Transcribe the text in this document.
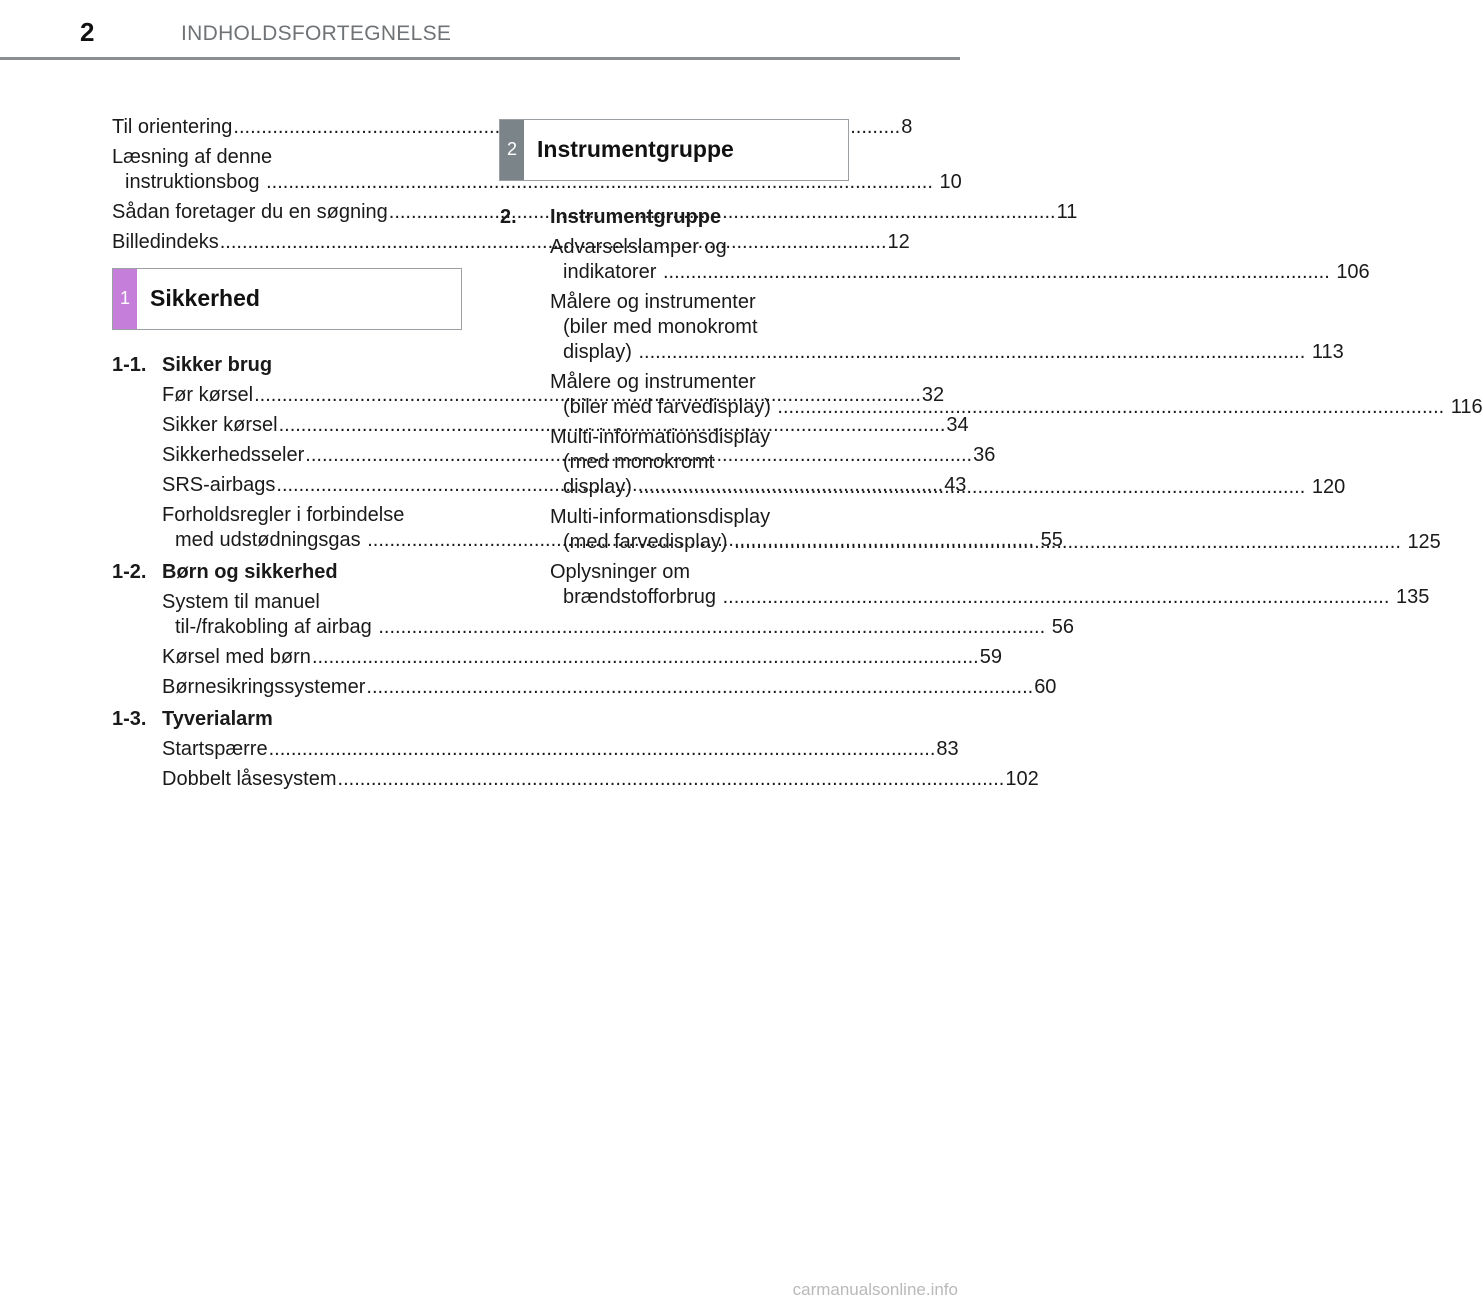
2	INDHOLDSFORTEGNELSE
Til orientering .....	8
Læsning af denne
instruktionsbog .....	10
Sådan foretager du en søgning .....	11
Billedindeks .....	12
1 Sikkerhed
1-1. Sikker brug
Før kørsel .....	32
Sikker kørsel .....	34
Sikkerhedsseler .....	36
SRS-airbags .....	43
Forholdsregler i forbindelse
med udstødningsgas .....	55
1-2. Børn og sikkerhed
System til manuel
til-/frakobling af airbag .....	56
Kørsel med børn .....	59
Børnesikringssystemer .....	60
1-3. Tyverialarm
Startspærre .....	83
Dobbelt låsesystem .....	102
2 Instrumentgruppe
2.	Instrumentgruppe
Advarselslamper og
indikatorer .....	106
Målere og instrumenter
(biler med monokromt
display) .....	113
Målere og instrumenter
(biler med farvedisplay) .....	116
Multi-informationsdisplay
(med monokromt
display) .....	120
Multi-informationsdisplay
(med farvedisplay) .....	125
Oplysninger om
brændstofforbrug .....	135
carmanualsonline.info
